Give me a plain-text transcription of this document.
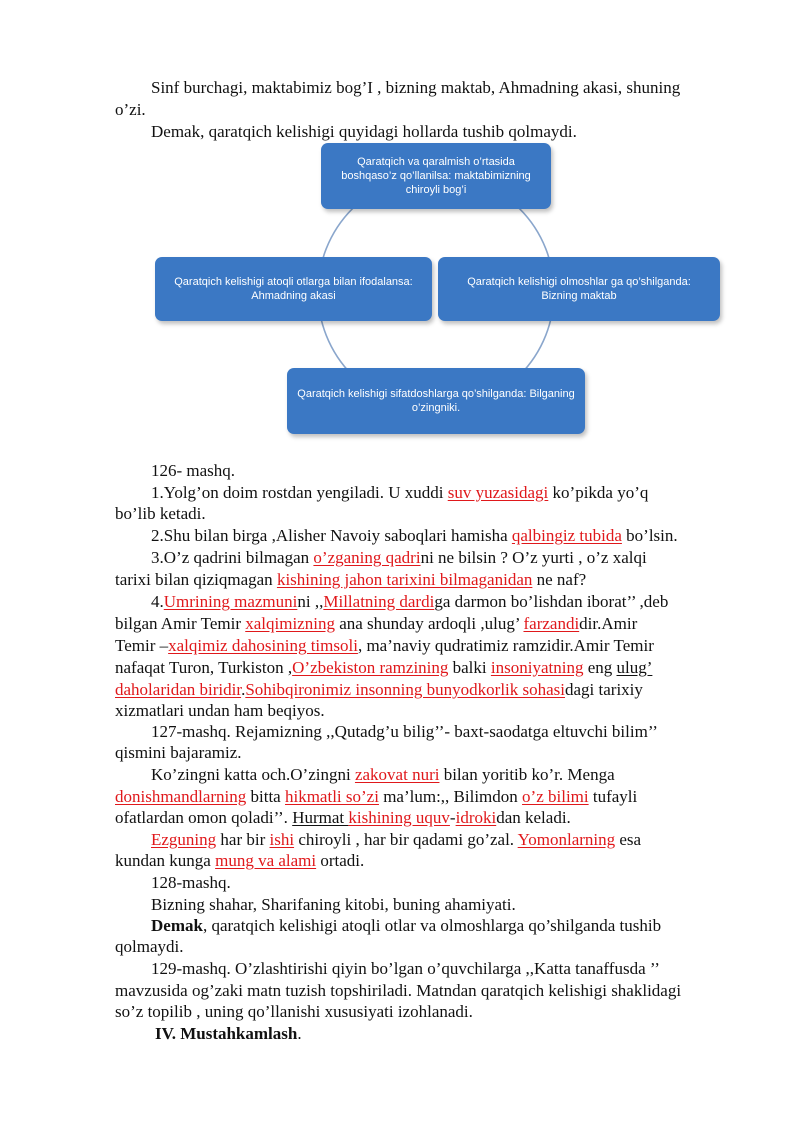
Sinf burchagi, maktabimiz bog’I , bizning maktab, Ahmadning akasi, shuning
o’zi.
Demak, qaratqich kelishigi quyidagi hollarda tushib qolmaydi.
Qaratqich va qaralmish o’rtasida boshqaso’z qo’llanilsa: maktabimizning chiroyli bog’i
Qaratqich kelishigi atoqli otlarga bilan ifodalansa: Ahmadning akasi
Qaratqich kelishigi olmoshlar ga qo’shilganda: Bizning maktab
Qaratqich kelishigi sifatdoshlarga qo’shilganda: Bilganing o’zingniki.
126- mashq.
1.Yolg’on doim rostdan yengiladi. U xuddi suv yuzasidagi ko’pikda yo’q
bo’lib ketadi.
2.Shu bilan birga ,Alisher Navoiy saboqlari hamisha qalbingiz tubida bo’lsin.
3.O’z qadrini bilmagan o’zganing qadrini ne bilsin ? O’z yurti , o’z xalqi
tarixi bilan qiziqmagan kishining jahon tarixini bilmaganidan ne naf?
4.Umrining mazmunini ,,Millatning dardiga darmon bo’lishdan iborat’’ ,deb
bilgan Amir Temir xalqimizning ana shunday ardoqli ,ulug’ farzandidir.Amir
Temir –xalqimiz dahosining timsoli, ma’naviy qudratimiz ramzidir.Amir Temir
nafaqat Turon, Turkiston ,O’zbekiston ramzining balki insoniyatning eng ulug’
daholaridan biridir.Sohibqironimiz insonning bunyodkorlik sohasidagi tarixiy
xizmatlari undan ham beqiyos.
127-mashq. Rejamizning ,,Qutadg’u bilig’’- baxt-saodatga eltuvchi bilim’’
qismini bajaramiz.
Ko’zingni katta och.O’zingni zakovat nuri bilan yoritib ko’r. Menga
donishmandlarning bitta hikmatli so’zi ma’lum:,, Bilimdon o’z bilimi tufayli
ofatlardan omon qoladi’’. Hurmat kishining uquv-idrokidan keladi.
Ezguning har bir ishi chiroyli , har bir qadami go’zal. Yomonlarning esa
kundan kunga mung va alami ortadi.
128-mashq.
Bizning shahar, Sharifaning kitobi, buning ahamiyati.
Demak, qaratqich kelishigi atoqli otlar va olmoshlarga qo’shilganda tushib
qolmaydi.
129-mashq. O’zlashtirishi qiyin bo’lgan o’quvchilarga ,,Katta tanaffusda ’’
mavzusida og’zaki matn tuzish topshiriladi. Matndan qaratqich kelishigi shaklidagi
so’z topilib , uning qo’llanishi xususiyati izohlanadi.
IV. Mustahkamlash.
